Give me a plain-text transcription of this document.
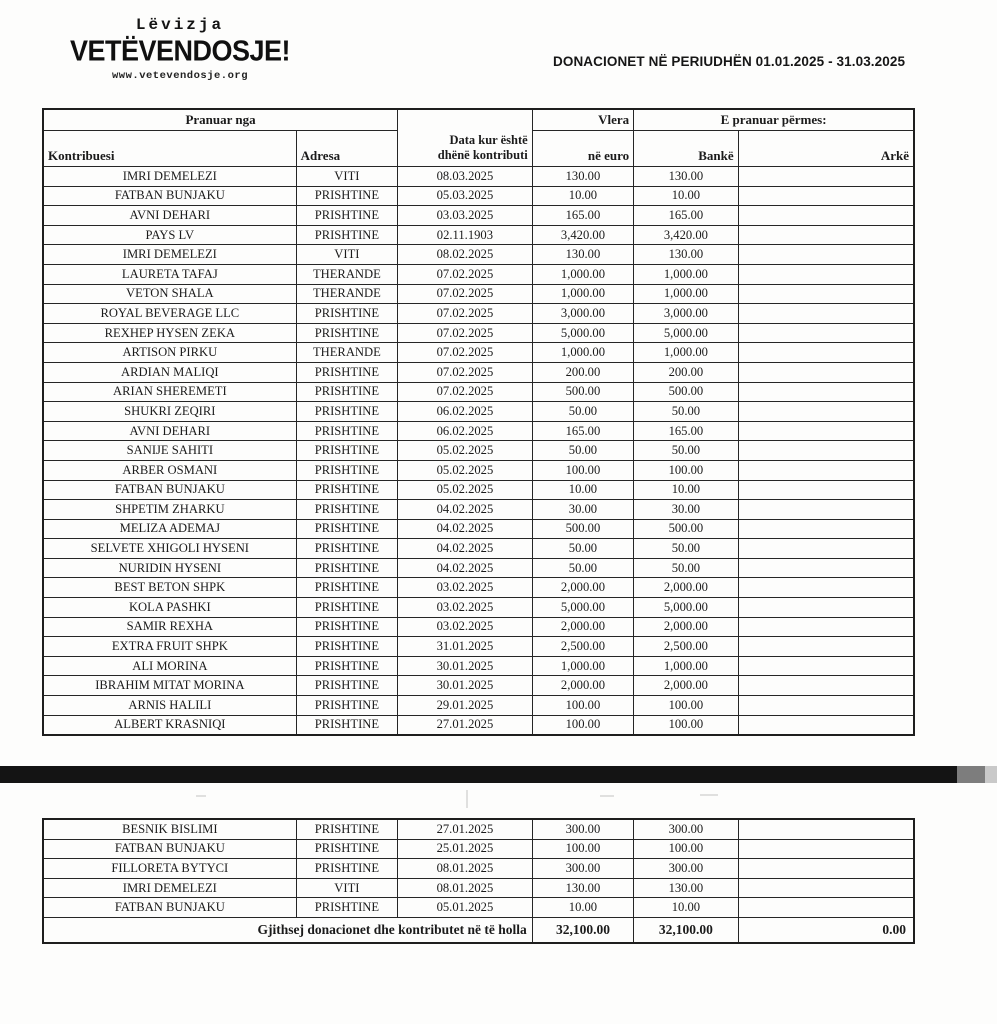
Lëvizja
VETËVENDOSJE!
www.vetevendosje.org
DONACIONET NË PERIUDHËN 01.01.2025 - 31.03.2025
Pranuar nga		Data kur është
dhënë kontributi	Vlera	E pranuar përmes:	
Kontribuesi	Adresa		në euro	Bankë	Arkë
IMRI DEMELEZI	VITI	08.03.2025	130.00	130.00	
FATBAN BUNJAKU	PRISHTINE	05.03.2025	10.00	10.00	
AVNI DEHARI	PRISHTINE	03.03.2025	165.00	165.00	
PAYS LV	PRISHTINE	02.11.1903	3,420.00	3,420.00	
IMRI DEMELEZI	VITI	08.02.2025	130.00	130.00	
LAURETA TAFAJ	THERANDE	07.02.2025	1,000.00	1,000.00	
VETON SHALA	THERANDE	07.02.2025	1,000.00	1,000.00	
ROYAL BEVERAGE LLC	PRISHTINE	07.02.2025	3,000.00	3,000.00	
REXHEP HYSEN ZEKA	PRISHTINE	07.02.2025	5,000.00	5,000.00	
ARTISON PIRKU	THERANDE	07.02.2025	1,000.00	1,000.00	
ARDIAN MALIQI	PRISHTINE	07.02.2025	200.00	200.00	
ARIAN SHEREMETI	PRISHTINE	07.02.2025	500.00	500.00	
SHUKRI ZEQIRI	PRISHTINE	06.02.2025	50.00	50.00	
AVNI DEHARI	PRISHTINE	06.02.2025	165.00	165.00	
SANIJE SAHITI	PRISHTINE	05.02.2025	50.00	50.00	
ARBER OSMANI	PRISHTINE	05.02.2025	100.00	100.00	
FATBAN BUNJAKU	PRISHTINE	05.02.2025	10.00	10.00	
SHPETIM ZHARKU	PRISHTINE	04.02.2025	30.00	30.00	
MELIZA ADEMAJ	PRISHTINE	04.02.2025	500.00	500.00	
SELVETE XHIGOLI HYSENI	PRISHTINE	04.02.2025	50.00	50.00	
NURIDIN HYSENI	PRISHTINE	04.02.2025	50.00	50.00	
BEST BETON SHPK	PRISHTINE	03.02.2025	2,000.00	2,000.00	
KOLA PASHKI	PRISHTINE	03.02.2025	5,000.00	5,000.00	
SAMIR REXHA	PRISHTINE	03.02.2025	2,000.00	2,000.00	
EXTRA FRUIT SHPK	PRISHTINE	31.01.2025	2,500.00	2,500.00	
ALI MORINA	PRISHTINE	30.01.2025	1,000.00	1,000.00	
IBRAHIM MITAT MORINA	PRISHTINE	30.01.2025	2,000.00	2,000.00	
ARNIS HALILI	PRISHTINE	29.01.2025	100.00	100.00	
ALBERT KRASNIQI	PRISHTINE	27.01.2025	100.00	100.00	
BESNIK BISLIMI	PRISHTINE	27.01.2025	300.00	300.00	
FATBAN BUNJAKU	PRISHTINE	25.01.2025	100.00	100.00	
FILLORETA BYTYCI	PRISHTINE	08.01.2025	300.00	300.00	
IMRI DEMELEZI	VITI	08.01.2025	130.00	130.00	
FATBAN BUNJAKU	PRISHTINE	05.01.2025	10.00	10.00	
Gjithsej donacionet dhe kontributet në të holla			32,100.00	32,100.00	0.00
